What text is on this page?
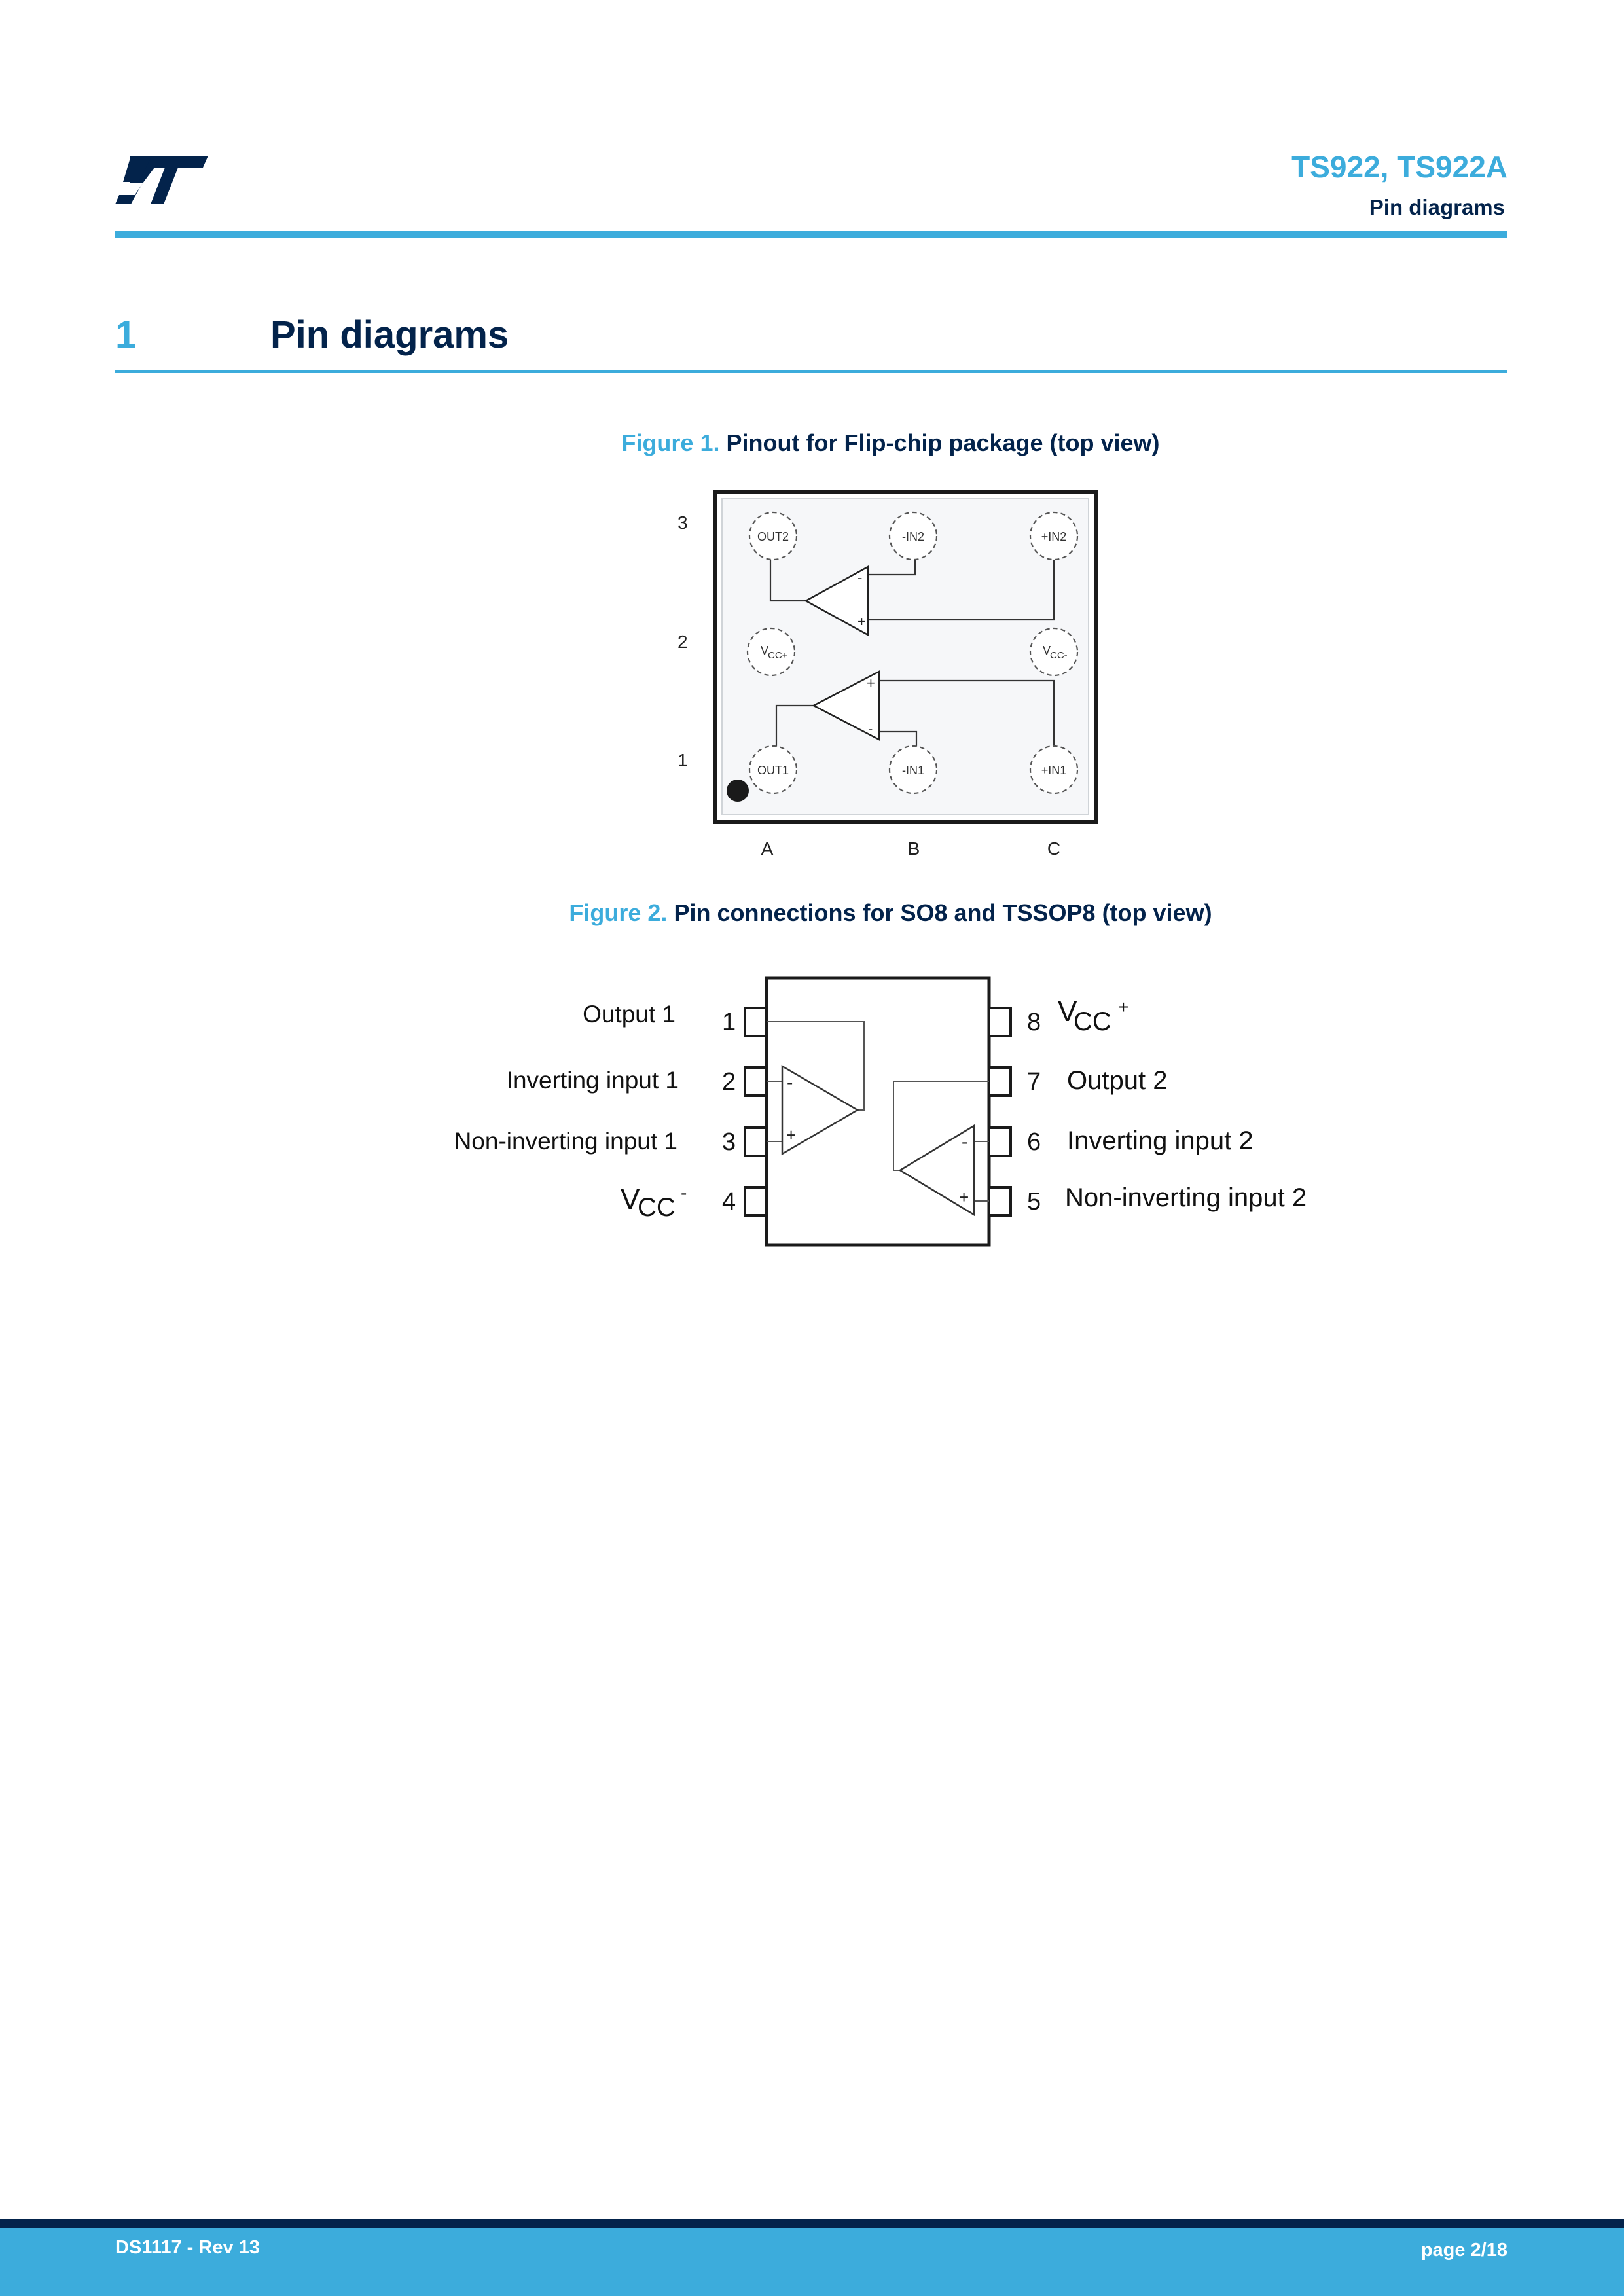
TS922, TS922A
Pin diagrams
1	Pin diagrams
Figure 1. Pinout for Flip-chip package (top view)
3
2
1
A	B	C
-
+
+
-
OUT2	-IN2	+IN2
V
CC+	V
CC-
OUT1	-IN1	+IN1
Figure 2. Pin connections for SO8 and TSSOP8 (top view)
-
+	-
+
1
2
3
4
Output 1
Inverting input 1
Non-inverting input 1
V
CC
-
8
7
6
5
V
CC
+
Output 2
Inverting input 2
Non-inverting input 2
DS1117 - Rev 13	page 2/18
